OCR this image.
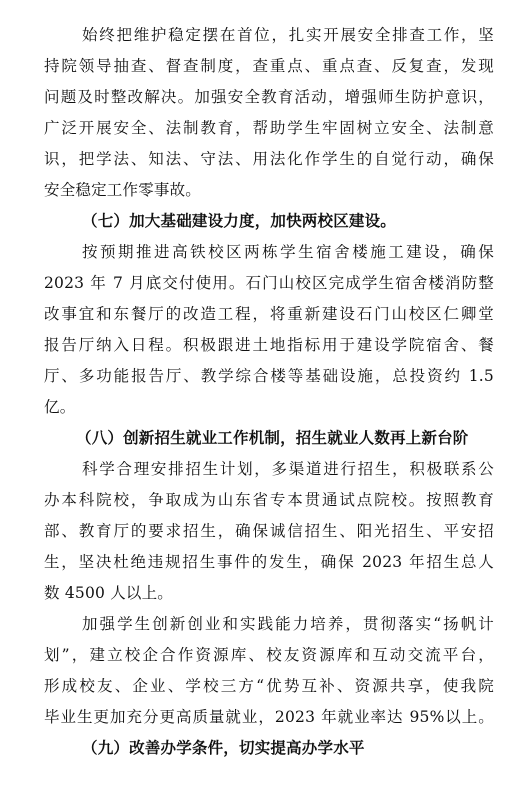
始终把维护稳定摆在首位，扎实开展安全排查工作，坚
持院领导抽查、督查制度，查重点、重点查、反复查，发现
问题及时整改解决。加强安全教育活动，增强师生防护意识，
广泛开展安全、法制教育，帮助学生牢固树立安全、法制意
识，把学法、知法、守法、用法化作学生的自觉行动，确保
安全稳定工作零事故。
（七）加大基础建设力度，加快两校区建设。
按预期推进高铁校区两栋学生宿舍楼施工建设，确保
2023 年 7 月底交付使用。石门山校区完成学生宿舍楼消防整
改事宜和东餐厅的改造工程，将重新建设石门山校区仁卿堂
报告厅纳入日程。积极跟进土地指标用于建设学院宿舍、餐
厅、多功能报告厅、教学综合楼等基础设施，总投资约 1.5
亿。
（八）创新招生就业工作机制，招生就业人数再上新台阶
科学合理安排招生计划，多渠道进行招生，积极联系公
办本科院校，争取成为山东省专本贯通试点院校。按照教育
部、教育厅的要求招生，确保诚信招生、阳光招生、平安招
生，坚决杜绝违规招生事件的发生，确保 2023 年招生总人
数 4500 人以上。
加强学生创新创业和实践能力培养，贯彻落实“扬帆计
划”，建立校企合作资源库、校友资源库和互动交流平台，
形成校友、企业、学校三方“优势互补、资源共享，使我院
毕业生更加充分更高质量就业，2023 年就业率达 95%以上。
（九）改善办学条件，切实提高办学水平
